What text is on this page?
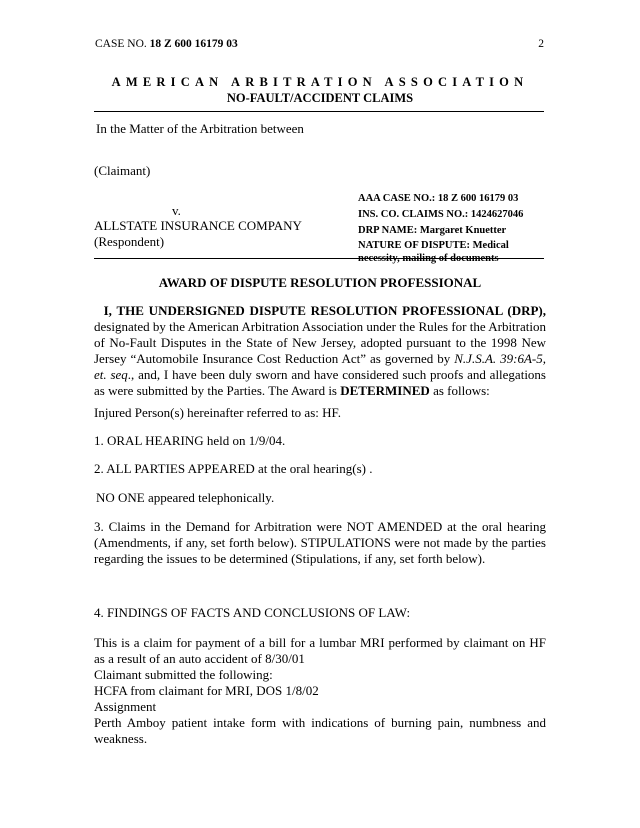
CASE NO. 18 Z 600 16179 03	2
AMERICAN ARBITRATION ASSOCIATION
NO-FAULT/ACCIDENT CLAIMS
In the Matter of the Arbitration between
(Claimant)
v.
ALLSTATE INSURANCE COMPANY
(Respondent)
AAA CASE NO.: 18 Z 600 16179 03
INS. CO. CLAIMS NO.: 1424627046
DRP NAME: Margaret Knuetter
NATURE OF DISPUTE: Medical necessity, mailing of documents
AWARD OF DISPUTE RESOLUTION PROFESSIONAL
I, THE UNDERSIGNED DISPUTE RESOLUTION PROFESSIONAL (DRP), designated by the American Arbitration Association under the Rules for the Arbitration of No-Fault Disputes in the State of New Jersey, adopted pursuant to the 1998 New Jersey “Automobile Insurance Cost Reduction Act” as governed by N.J.S.A. 39:6A-5, et. seq., and, I have been duly sworn and have considered such proofs and allegations as were submitted by the Parties. The Award is DETERMINED as follows:
Injured Person(s) hereinafter referred to as: HF.
1. ORAL HEARING held on 1/9/04.
2. ALL PARTIES APPEARED at the oral hearing(s) .
NO ONE appeared telephonically.
3. Claims in the Demand for Arbitration were NOT AMENDED at the oral hearing (Amendments, if any, set forth below). STIPULATIONS were not made by the parties regarding the issues to be determined (Stipulations, if any, set forth below).
4. FINDINGS OF FACTS AND CONCLUSIONS OF LAW:
This is a claim for payment of a bill for a lumbar MRI performed by claimant on HF as a result of an auto accident of 8/30/01
Claimant submitted the following:
HCFA from claimant for MRI, DOS 1/8/02
Assignment
Perth Amboy patient intake form with indications of burning pain, numbness and weakness.
